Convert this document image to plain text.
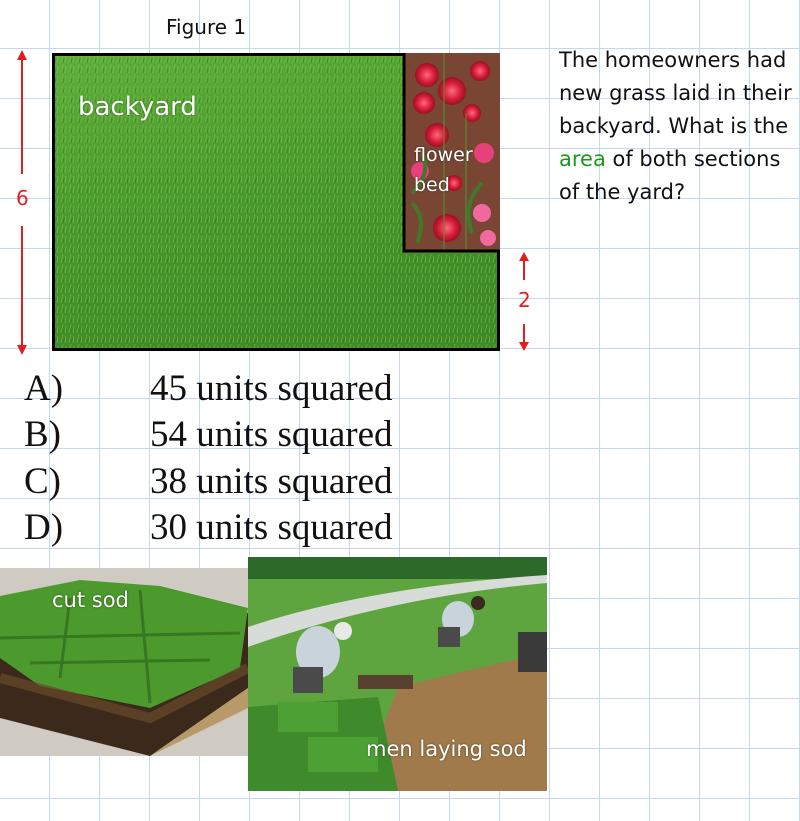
Figure 1
backyard
flower
bed
6
2
The homeowners had new grass laid in their backyard. What is the area of both sections of the yard?
A) 45 units squared
B) 54 units squared
C) 38 units squared
D) 30 units squared
cut sod
men laying sod
